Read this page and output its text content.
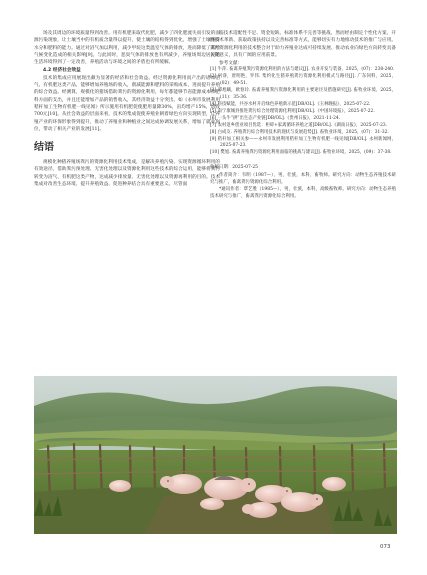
场及其周边的环境质量得到改善。用有机肥来取代化肥，减少了四化肥流失而引发的面源污染现象，让土壤当中的有机质含量得以提升，使土壤的结构得到优化，增强了土壤保持水分和肥料的能力。通过对沼气加以利用，减少甲烷这类温室气体的排放，进而降低了其给气候变化造成的相关影响[9]。与此同时，恶臭气体的排放也有所减少，养殖场周边居民的生活环境得到了一定改善，养殖活动与环境之间的矛盾也有所缓解。

4.2 经济社会效益

技术的集成应用展现出颇为显著的经济和社会效益。经过资源化利用而产出的诸如沼气、有机肥这类产品，能够增加养殖场的收入，削减能源和肥料的采购成本，进而提升养殖的综合效益。经测算，规模化的猪场借助粪污的资源化利用，每年都能够节省能源成本和肥料方面的支出，并且还能增加产品的销售收入，其经济效益十分突出。如《永州市发展利用秸秆加工生物有机肥一线见闻》所示施用有机肥促使肥用量降30%，亩均增产15%，增收700元[10]。从社会效益的层面来看，技术的集成促使养殖业朝着绿色方向实现转型，让养殖产业的环保形象得到提升，推动了养殖业和种植业之间达成协调发展关系，增加了就业岗位，带动了相关产业的发展[11]。

结语

规模化种猪养殖场粪污的资源化利用技术集成，是解决养殖污染、实现资源循环利用的有效途径。借助粪污预处理、无害化处理以及资源化利用这些技术的综合运用，能够将粪污转变为沼气、有机肥这类产物，达成减少排放量、无害化处理以及资源再利用的目的。技术集成对改善生态环境、提升养殖效益、促进种养结合具有重要意义。尽管面

临技术适配性不足、资金短缺、标准体系不完善等挑战，然而经由制定个性化方案、开展技术革新、获取政策扶持以及完善标准等方式，能够切实有力地推动技术的推广与应用。粪污资源化利用的技术整合对于助力养殖业达成可持续发展、推动农业向绿色方向转变具备关键意义，具有广阔的应用前景。

参考文献：

[1] 牛萍. 畜禽养殖粪污资源化利用的方法与建议[J]. 农业开发与装备，2025，(07)：238-240.
[2] 何睿，唐明艳，罗伟. 集约化生猪养殖粪污资源化利用模式与路径[J]. 广东饲料，2025，(02)：49-51.
[3] 谭旭曦，欧春玲. 畜禽养殖粪污资源化利用的主要途径及措施研究[J]. 畜牧业环境，2025，(11)：35-36.
[4] 科技赋能，共谷水村开启绿色养殖新示范[DB/OL].《玉林晚报》，2025-07-22.
[5] 南宁康城县推进粪污综合处理资源化利用[DB/OL].《中国环境报》，2025-07-22.
[6] 一头牛“拱”出生态产业链[DB/OL].《贵州日报》，2021-11-24.
[7] 农村返乡创业项目优选：柜碎+家禽循环养殖之道[DB/OL].《湖南日报》，2025-07-23.
[8] 白成友. 养殖粪污综合利用技术的现状与发展趋势[J]. 畜牧业环境，2025，(07)：31-32.
[9] 秸秆加工相关参——永州市发展利用秸秆加工生物有机肥一线见闻[DB/OL]. 永州新闻网，2025-07-23.
[10] 樊旭. 畜禽养殖粪污资源化利用面临的挑战与建议[J]. 畜牧业环境，2025，(09)：37-38.

收稿日期：2025-07-25

作者简介：韦明（1987—），男，壮族，本科，畜牧师。研究方向：动物生态养殖技术研究与推广，畜禽粪污资源化综合利用。

*通讯作者：覃艺胜（1985—），男，壮族，本科，高级畜牧师。研究方向：动物生态养殖技术研究与推广，畜禽粪污资源化综合利用。

073
